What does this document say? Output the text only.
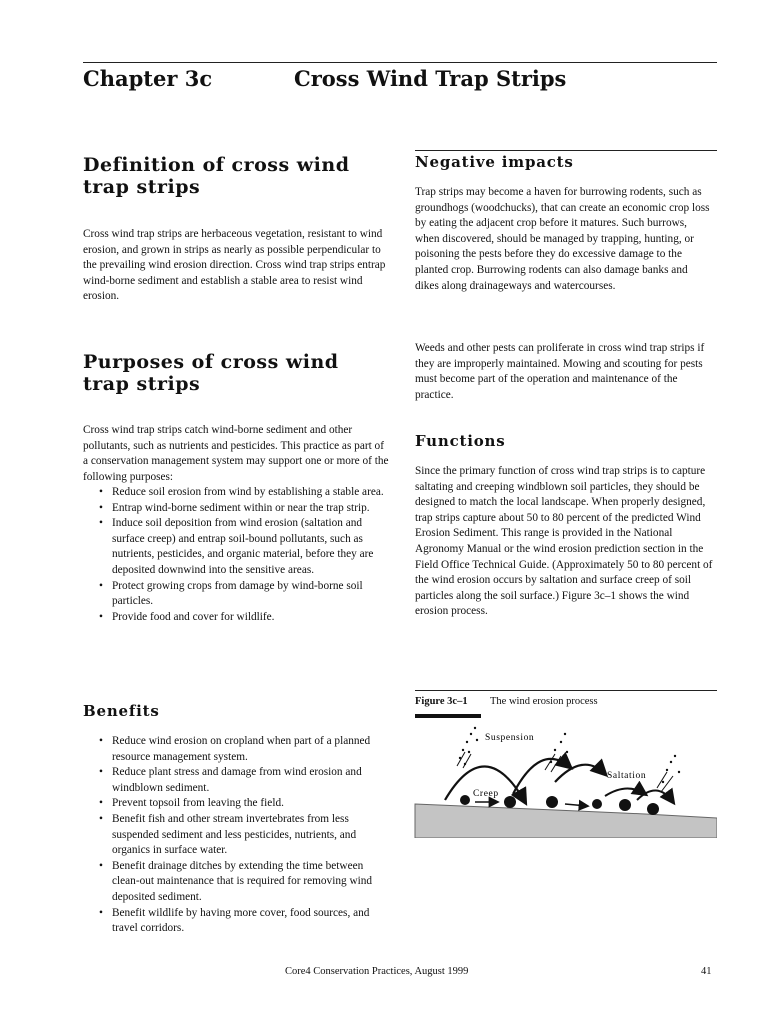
Chapter 3c	Cross Wind Trap Strips
Definition of cross wind trap strips
Cross wind trap strips are herbaceous vegetation, resistant to wind erosion, and grown in strips as nearly as possible perpendicular to the prevailing wind erosion direction. Cross wind trap strips entrap wind-borne sediment and establish a stable area to resist wind erosion.
Purposes of cross wind trap strips
Cross wind trap strips catch wind-borne sediment and other pollutants, such as nutrients and pesticides. This practice as part of a conservation management system may support one or more of the following purposes:
• Reduce soil erosion from wind by establishing a stable area.
• Entrap wind-borne sediment within or near the trap strip.
• Induce soil deposition from wind erosion (saltation and surface creep) and entrap soil-bound pollutants, such as nutrients, pesticides, and organic material, before they are deposited downwind into the sensitive areas.
• Protect growing crops from damage by wind-borne soil particles.
• Provide food and cover for wildlife.
Benefits
• Reduce wind erosion on cropland when part of a planned resource management system.
• Reduce plant stress and damage from wind erosion and windblown sediment.
• Prevent topsoil from leaving the field.
• Benefit fish and other stream invertebrates from less suspended sediment and less pesticides, nutrients, and organics in surface water.
• Benefit drainage ditches by extending the time between clean-out maintenance that is required for removing wind deposited sediment.
• Benefit wildlife by having more cover, food sources, and travel corridors.
Negative impacts
Trap strips may become a haven for burrowing rodents, such as groundhogs (woodchucks), that can create an economic crop loss by eating the adjacent crop before it matures. Such burrows, when discovered, should be managed by trapping, hunting, or poisoning the pests before they do excessive damage to the planted crop. Burrowing rodents can also damage banks and dikes along drainageways and watercourses.
Weeds and other pests can proliferate in cross wind trap strips if they are improperly maintained. Mowing and scouting for pests must become part of the operation and maintenance of the practice.
Functions
Since the primary function of cross wind trap strips is to capture saltating and creeping windblown soil particles, they should be designed to match the local landscape. When properly designed, trap strips capture about 50 to 80 percent of the predicted Wind Erosion Sediment. This range is provided in the National Agronomy Manual or the wind erosion prediction section in the Field Office Technical Guide. (Approximately 50 to 80 percent of the wind erosion occurs by saltation and surface creep of soil particles along the soil surface.) Figure 3c–1 shows the wind erosion process.
Figure 3c–1 The wind erosion process
Suspension
Saltation
Creep
Core4 Conservation Practices, August 1999	41
